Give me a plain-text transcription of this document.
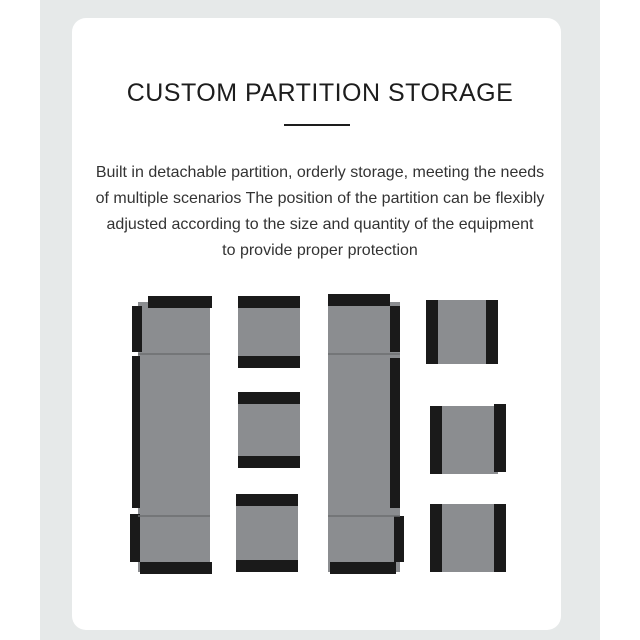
CUSTOM PARTITION STORAGE
Built in detachable partition, orderly storage, meeting the needs
of multiple scenarios The position of the partition can be flexibly
adjusted according to the size and quantity of the equipment
to provide proper protection
